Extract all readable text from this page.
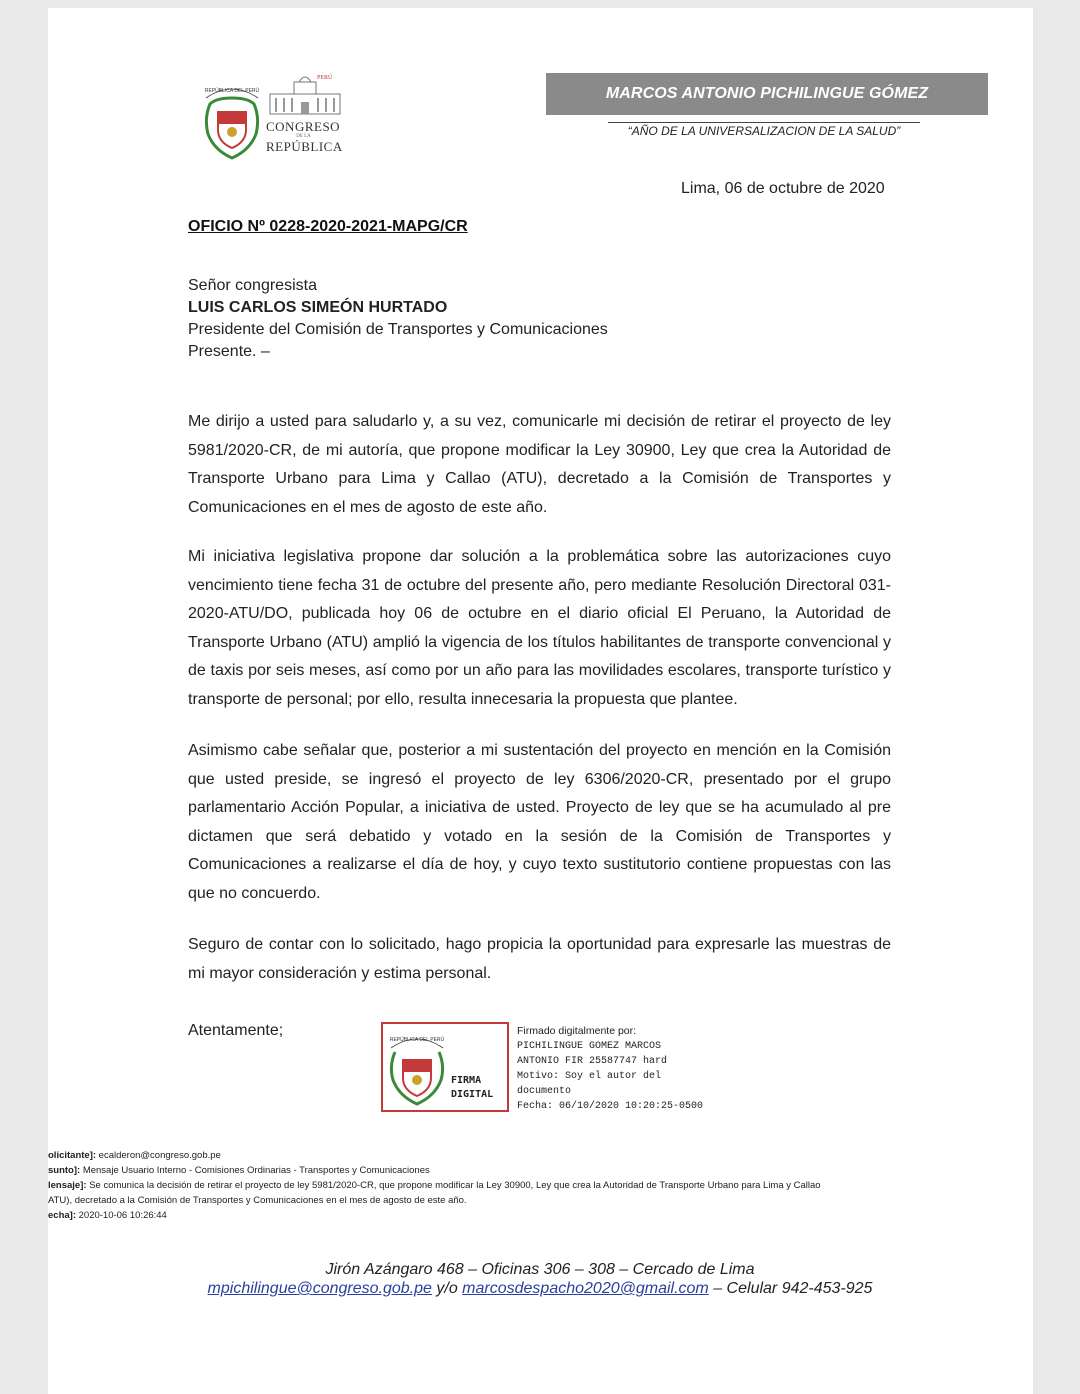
REPÚBLICA DEL PERÚ
PERÚ
CONGRESO
DE LA
REPÚBLICA
MARCOS ANTONIO PICHILINGUE GÓMEZ
“AÑO DE LA UNIVERSALIZACION DE LA SALUD”
Lima, 06 de octubre de 2020
OFICIO Nº 0228-2020-2021-MAPG/CR
Señor congresista
LUIS CARLOS SIMEÓN HURTADO
Presidente del Comisión de Transportes y Comunicaciones
Presente. –

Me dirijo a usted para saludarlo y, a su vez, comunicarle mi decisión de retirar el proyecto de ley 5981/2020-CR, de mi autoría, que propone modificar la Ley 30900, Ley que crea la Autoridad de Transporte Urbano para Lima y Callao (ATU), decretado a la Comisión de Transportes y Comunicaciones en el mes de agosto de este año.

Mi iniciativa legislativa propone dar solución a la problemática sobre las autorizaciones cuyo vencimiento tiene fecha 31 de octubre del presente año, pero mediante Resolución Directoral 031-2020-ATU/DO, publicada hoy 06 de octubre en el diario oficial El Peruano, la Autoridad de Transporte Urbano (ATU) amplió la vigencia de los títulos habilitantes de transporte convencional y de taxis por seis meses, así como por un año para las movilidades escolares, transporte turístico y transporte de personal; por ello, resulta innecesaria la propuesta que plantee.

Asimismo cabe señalar que, posterior a mi sustentación del proyecto en mención en la Comisión que usted preside, se ingresó el proyecto de ley 6306/2020-CR, presentado por el grupo parlamentario Acción Popular, a iniciativa de usted. Proyecto de ley que se ha acumulado al pre dictamen que será debatido y votado en la sesión de la Comisión de Transportes y Comunicaciones a realizarse el día de hoy, y cuyo texto sustitutorio contiene propuestas con las que no concuerdo.

Seguro de contar con lo solicitado, hago propicia la oportunidad para expresarle las muestras de mi mayor consideración y estima personal.

Atentamente;
REPÚBLICA DEL PERÚ
FIRMA
DIGITAL
Firmado digitalmente por:
PICHILINGUE GOMEZ MARCOS
ANTONIO FIR 25587747 hard
Motivo: Soy el autor del
documento
Fecha: 06/10/2020 10:20:25-0500
olicitante]: ecalderon@congreso.gob.pe
sunto]: Mensaje Usuario Interno - Comisiones Ordinarias - Transportes y Comunicaciones
lensaje]: Se comunica la decisión de retirar el proyecto de ley 5981/2020-CR, que propone modificar la Ley 30900, Ley que crea la Autoridad de Transporte Urbano para Lima y Callao
ATU), decretado a la Comisión de Transportes y Comunicaciones en el mes de agosto de este año.
echa]: 2020-10-06 10:26:44
Jirón Azángaro 468 – Oficinas 306 – 308 – Cercado de Lima
mpichilingue@congreso.gob.pe y/o marcosdespacho2020@gmail.com – Celular 942-453-925
